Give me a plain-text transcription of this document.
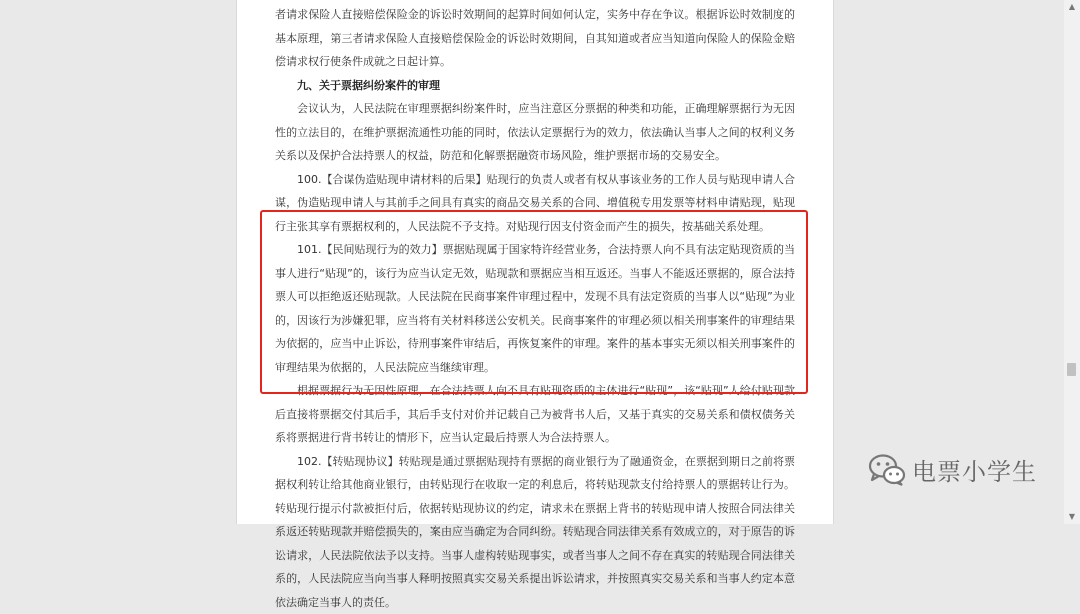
者请求保险人直接赔偿保险金的诉讼时效期间的起算时间如何认定，实务中存在争议。根据诉讼时效制度的基本原理，第三者请求保险人直接赔偿保险金的诉讼时效期间，自其知道或者应当知道向保险人的保险金赔偿请求权行使条件成就之日起计算。

九、关于票据纠纷案件的审理

会议认为，人民法院在审理票据纠纷案件时，应当注意区分票据的种类和功能，正确理解票据行为无因性的立法目的，在维护票据流通性功能的同时，依法认定票据行为的效力，依法确认当事人之间的权利义务关系以及保护合法持票人的权益，防范和化解票据融资市场风险，维护票据市场的交易安全。

100.【合谋伪造贴现申请材料的后果】贴现行的负责人或者有权从事该业务的工作人员与贴现申请人合谋，伪造贴现申请人与其前手之间具有真实的商品交易关系的合同、增值税专用发票等材料申请贴现，贴现行主张其享有票据权利的，人民法院不予支持。对贴现行因支付资金而产生的损失，按基础关系处理。

101.【民间贴现行为的效力】票据贴现属于国家特许经营业务，合法持票人向不具有法定贴现资质的当事人进行“贴现”的，该行为应当认定无效，贴现款和票据应当相互返还。当事人不能返还票据的，原合法持票人可以拒绝返还贴现款。人民法院在民商事案件审理过程中，发现不具有法定资质的当事人以“贴现”为业的，因该行为涉嫌犯罪，应当将有关材料移送公安机关。民商事案件的审理必须以相关刑事案件的审理结果为依据的，应当中止诉讼，待刑事案件审结后，再恢复案件的审理。案件的基本事实无须以相关刑事案件的审理结果为依据的，人民法院应当继续审理。

根据票据行为无因性原理，在合法持票人向不具有贴现资质的主体进行“贴现”，该“贴现”人给付贴现款后直接将票据交付其后手，其后手支付对价并记载自己为被背书人后，又基于真实的交易关系和债权债务关系将票据进行背书转让的情形下，应当认定最后持票人为合法持票人。

102.【转贴现协议】转贴现是通过票据贴现持有票据的商业银行为了融通资金，在票据到期日之前将票据权利转让给其他商业银行，由转贴现行在收取一定的利息后，将转贴现款支付给持票人的票据转让行为。转贴现行提示付款被拒付后，依据转贴现协议的约定，请求未在票据上背书的转贴现申请人按照合同法律关系返还转贴现款并赔偿损失的，案由应当确定为合同纠纷。转贴现合同法律关系有效成立的，对于原告的诉讼请求，人民法院依法予以支持。当事人虚构转贴现事实，或者当事人之间不存在真实的转贴现合同法律关系的，人民法院应当向当事人释明按照真实交易关系提出诉讼请求，并按照真实交易关系和当事人约定本意依法确定当事人的责任。

▲
▼
电票小学生
